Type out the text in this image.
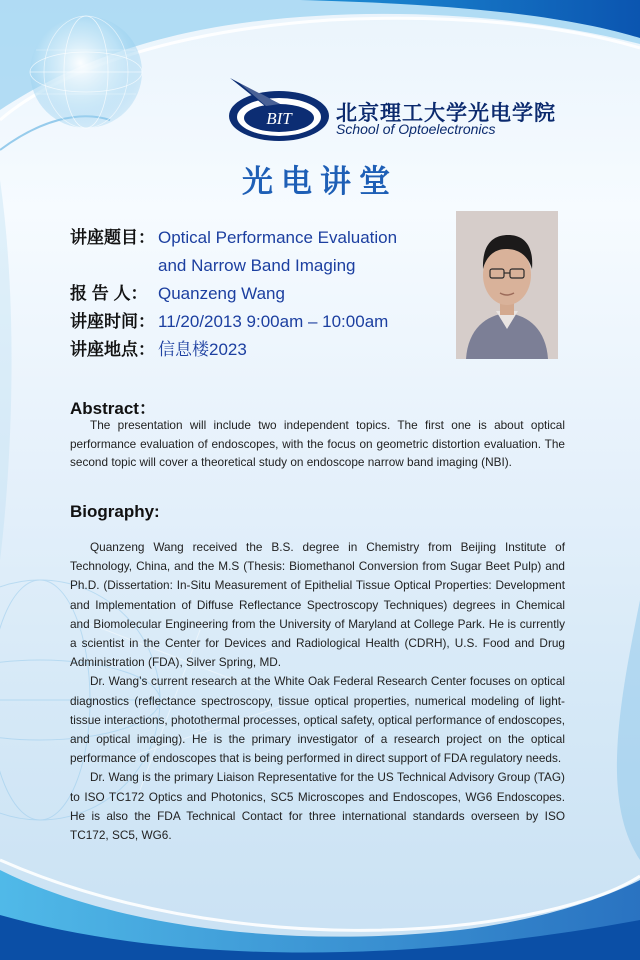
BIT 北京理工大学光电学院
School of Optoelectronics
光电讲堂
讲座题目： Optical Performance Evaluation
and Narrow Band Imaging
报 告 人： Quanzeng Wang
讲座时间： 11/20/2013 9:00am – 10:00am
讲座地点： 信息楼2023
Abstract：

The presentation will include two independent topics. The first one is about optical performance evaluation of endoscopes, with the focus on geometric distortion evaluation. The second topic will cover a theoretical study on endoscope narrow band imaging (NBI).

Biography:

Quanzeng Wang received the B.S. degree in Chemistry from Beijing Institute of Technology, China, and the M.S (Thesis: Biomethanol Conversion from Sugar Beet Pulp) and Ph.D. (Dissertation: In-Situ Measurement of Epithelial Tissue Optical Properties: Development and Implementation of Diffuse Reflectance Spectroscopy Techniques) degrees in Chemical and Biomolecular Engineering from the University of Maryland at College Park. He is currently a scientist in the Center for Devices and Radiological Health (CDRH), U.S. Food and Drug Administration (FDA), Silver Spring, MD.

Dr. Wang’s current research at the White Oak Federal Research Center focuses on optical diagnostics (reflectance spectroscopy, tissue optical properties, numerical modeling of light-tissue interactions, photothermal processes, optical safety, optical performance of endoscopes, and optical imaging). He is the primary investigator of a research project on the optical performance of endoscopes that is being performed in direct support of FDA regulatory needs.

Dr. Wang is the primary Liaison Representative for the US Technical Advisory Group (TAG) to ISO TC172 Optics and Photonics, SC5 Microscopes and Endoscopes, WG6 Endoscopes. He is also the FDA Technical Contact for three international standards overseen by ISO TC172, SC5, WG6.
